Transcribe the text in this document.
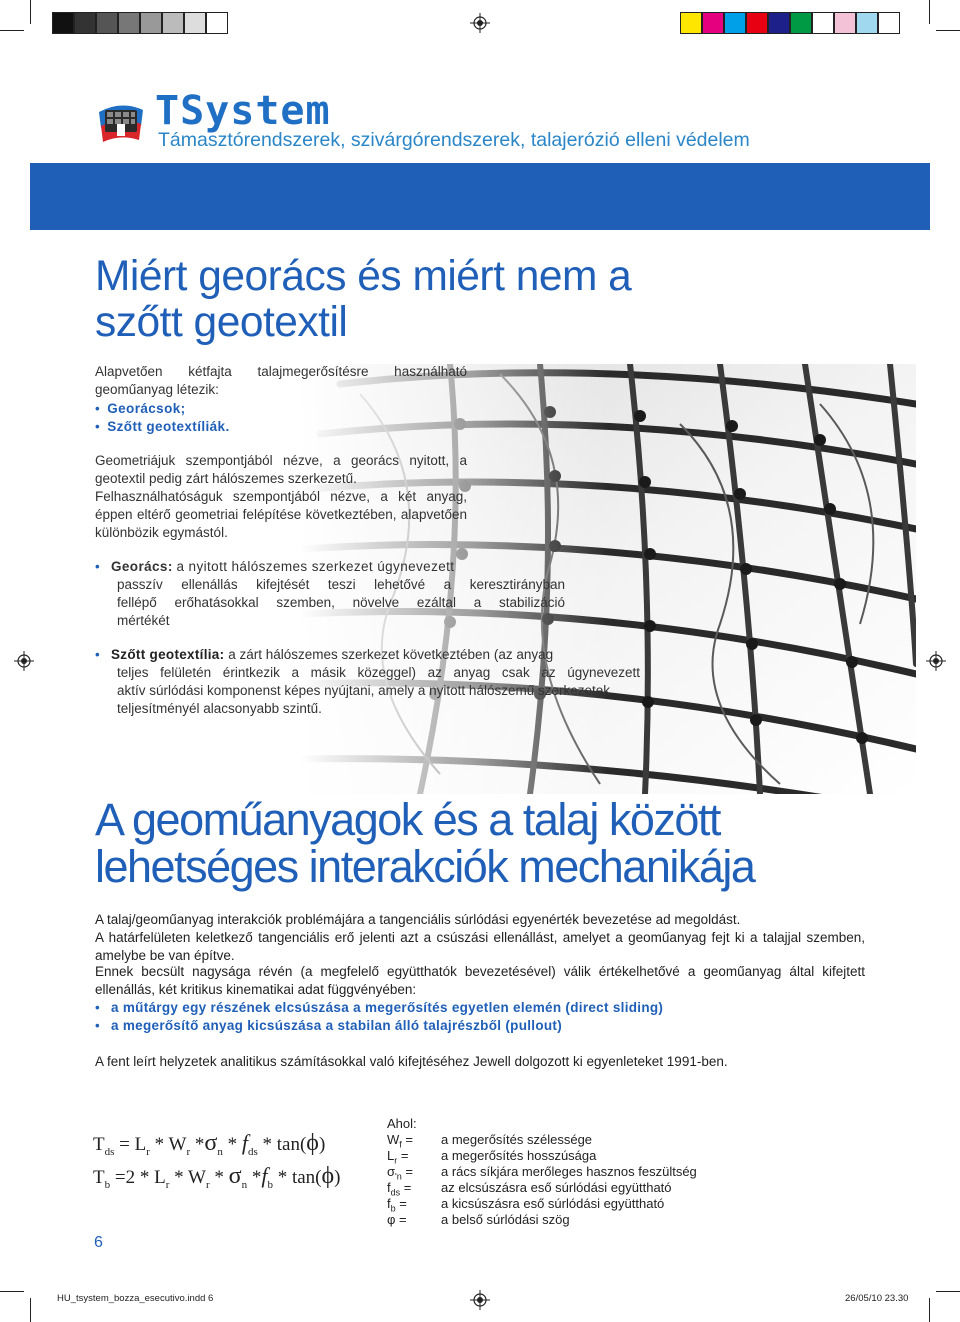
TSystem
Támasztórendszerek, szivárgórendszerek, talajerózió elleni védelem
Miért georács és miért nem a szőtt geotextil
Alapvetően kétfajta talajmegerősítésre használható geoműanyag létezik:
• Georácsok;
• Szőtt geotextíliák.
Geometriájuk szempontjából nézve, a georács nyitott, a geotextil pedig zárt hálószemes szerkezetű.
Felhasználhatóságuk szempontjából nézve, a két anyag, éppen eltérő geometriai felépítése következtében, alapvetően különbözik egymástól.
• Georács: a nyitott hálószemes szerkezet úgynevezett
passzív ellenállás kifejtését teszi lehetővé a keresztirányban
fellépő erőhatásokkal szemben, növelve ezáltal a stabilizáció
mértékét
• Szőtt geotextília: a zárt hálószemes szerkezet következtében (az anyag
teljes felületén érintkezik a másik közeggel) az anyag csak az úgynevezett
aktív súrlódási komponenst képes nyújtani, amely a nyitott hálószemű szerkezetek
teljesítményél alacsonyabb szintű.
A geoműanyagok és a talaj között lehetséges interakciók mechanikája
A talaj/geoműanyag interakciók problémájára a tangenciális súrlódási egyenérték bevezetése ad megoldást.
A határfelületen keletkező tangenciális erő jelenti azt a csúszási ellenállást, amelyet a geoműanyag fejt ki a talajjal szemben, amelybe be van építve.
Ennek becsült nagysága révén (a megfelelő együtthatók bevezetésével) válik értékelhetővé a geoműanyag által kifejtett ellenállás, két kritikus kinematikai adat függvényében:
• a műtárgy egy részének elcsúszása a megerősítés egyetlen elemén (direct sliding)
• a megerősítő anyag kicsúszása a stabilan álló talajrészből (pullout)
A fent leírt helyzetek analitikus számításokkal való kifejtéséhez Jewell dolgozott ki egyenleteket 1991-ben.
$T_{ds} = L_r * W_r$ $*\sigma_n * f_{ds} * \tan(\phi)$
$T_b =2 * L_r * W_r * \sigma_n$ $*f_b * \tan(\phi)$
Ahol:
$W_f = a$ megerősítés szélessége
$L_r$ =	a megerősítés hosszúsága
$\sigma_{'n} = a$ rács síkjára merőleges hasznos feszültség
$f_{ds}$ = az elcsúszásra eső súrlódási együttható
$f_b$ =	a kicsúszásra eső súrlódási együttható
φ =	a belső súrlódási szög
6
HU_tsystem_bozza_esecutivo.indd 6	26/05/10 23.30
